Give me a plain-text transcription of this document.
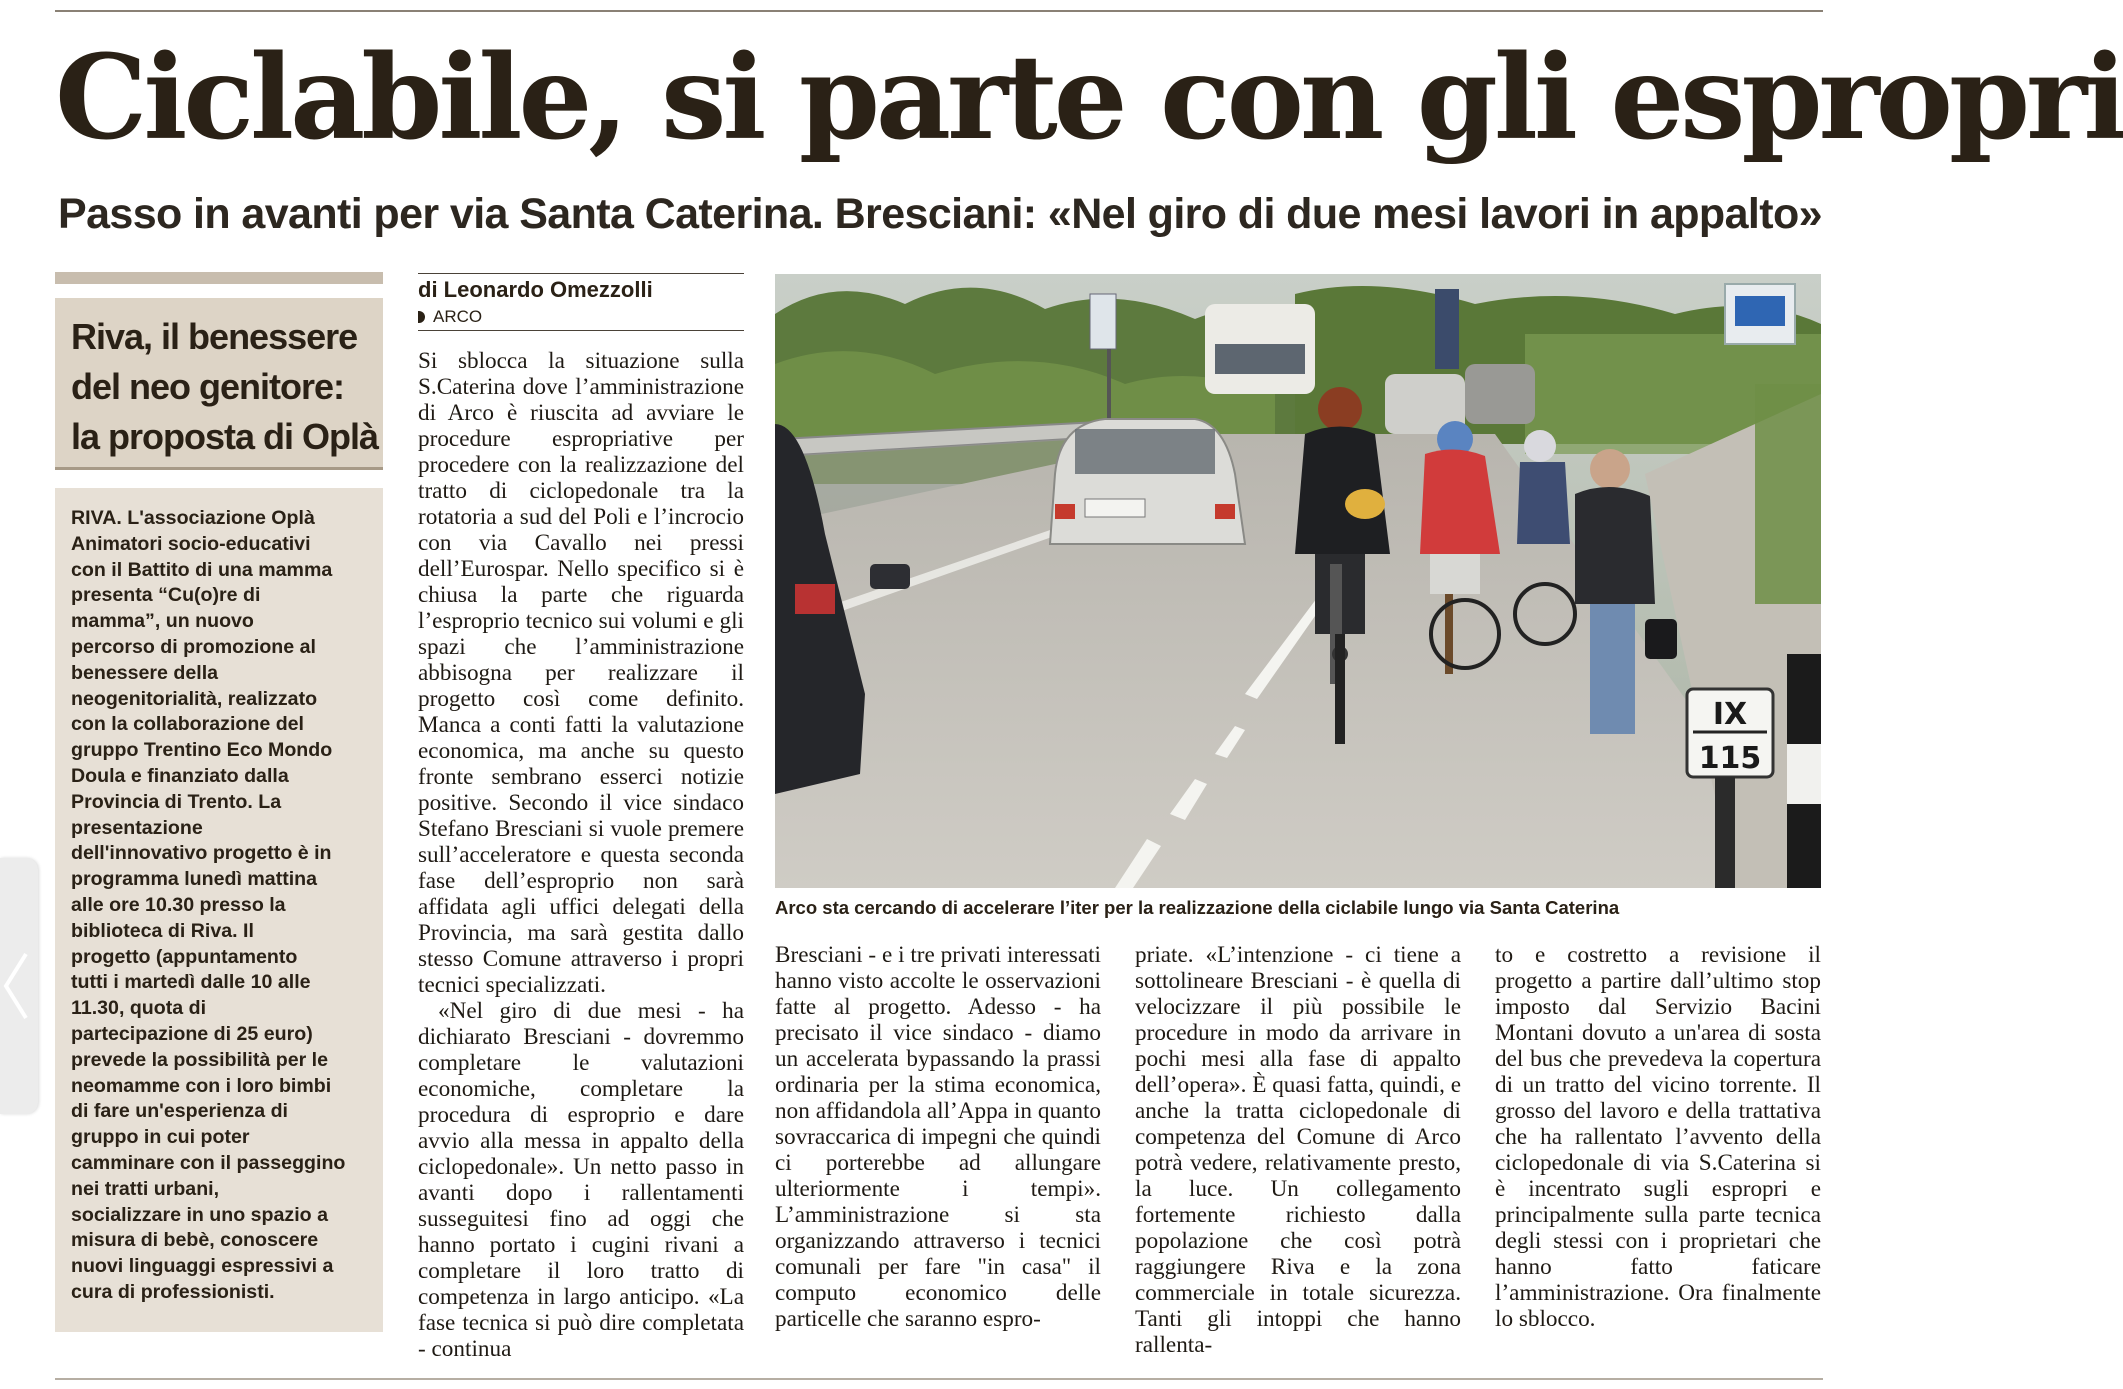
Ciclabile, si parte con gli espropri
Passo in avanti per via Santa Caterina. Bresciani: «Nel giro di due mesi lavori in appalto»

Riva, il benessere
del neo genitore:
la proposta di Oplà

RIVA. L'associazione Oplà
Animatori socio-educativi
con il Battito di una mamma
presenta “Cu(o)re di
mamma”, un nuovo
percorso di promozione al
benessere della
neogenitorialità, realizzato
con la collaborazione del
gruppo Trentino Eco Mondo
Doula e finanziato dalla
Provincia di Trento. La
presentazione
dell'innovativo progetto è in
programma lunedì mattina
alle ore 10.30 presso la
biblioteca di Riva. Il
progetto (appuntamento
tutti i martedì dalle 10 alle
11.30, quota di
partecipazione di 25 euro)
prevede la possibilità per le
neomamme con i loro bimbi
di fare un'esperienza di
gruppo in cui poter
camminare con il passeggino
nei tratti urbani,
socializzare in uno spazio a
misura di bebè, conoscere
nuovi linguaggi espressivi a
cura di professionisti.

di Leonardo Omezzolli

ARCO

Si sblocca la situazione sulla S.Caterina dove l’amministrazione di Arco è riuscita ad avviare le procedure espropriative per procedere con la realizzazione del tratto di ciclopedonale tra la rotatoria a sud del Poli e l’incrocio con via Cavallo nei pressi dell’Eurospar. Nello specifico si è chiusa la parte che riguarda l’esproprio tecnico sui volumi e gli spazi che l’amministrazione abbisogna per realizzare il progetto così come definito. Manca a conti fatti la valutazione economica, ma anche su questo fronte sembrano esserci notizie positive. Secondo il vice sindaco Stefano Bresciani si vuole premere sull’acceleratore e questa seconda fase dell’esproprio non sarà affidata agli uffici delegati della Provincia, ma sarà gestita dallo stesso Comune attraverso i propri tecnici specializzati.

«Nel giro di due mesi - ha dichiarato Bresciani - dovremmo completare le valutazioni economiche, completare la procedura di esproprio e dare avvio alla messa in appalto della ciclopedonale». Un netto passo in avanti dopo i rallentamenti susseguitesi fino ad oggi che hanno portato i cugini rivani a completare il loro tratto di competenza in largo anticipo. «La fase tecnica si può dire completata - continua

IX
115

Arco sta cercando di accelerare l’iter per la realizzazione della ciclabile lungo via Santa Caterina

Bresciani - e i tre privati interessati hanno visto accolte le osservazioni fatte al progetto. Adesso - ha precisato il vice sindaco - diamo un accelerata bypassando la prassi ordinaria per la stima economica, non affidandola all’Appa in quanto sovraccarica di impegni che quindi ci porterebbe ad allungare ulteriormente i tempi». L’amministrazione si sta organizzando attraverso i tecnici comunali per fare "in casa" il computo economico delle particelle che saranno espro-

priate. «L’intenzione - ci tiene a sottolineare Bresciani - è quella di velocizzare il più possibile le procedure in modo da arrivare in pochi mesi alla fase di appalto dell’opera». È quasi fatta, quindi, e anche la tratta ciclopedonale di competenza del Comune di Arco potrà vedere, relativamente presto, la luce. Un collegamento fortemente richiesto dalla popolazione che così potrà raggiungere Riva e la zona commerciale in totale sicurezza. Tanti gli intoppi che hanno rallenta-

to e costretto a revisione il progetto a partire dall’ultimo stop imposto dal Servizio Bacini Montani dovuto a un'area di sosta del bus che prevedeva la copertura di un tratto del vicino torrente. Il grosso del lavoro e della trattativa che ha rallentato l’avvento della ciclopedonale di via S.Caterina si è incentrato sugli espropri e principalmente sulla parte tecnica degli stessi con i proprietari che hanno fatto faticare l’amministrazione. Ora finalmente lo sblocco.
